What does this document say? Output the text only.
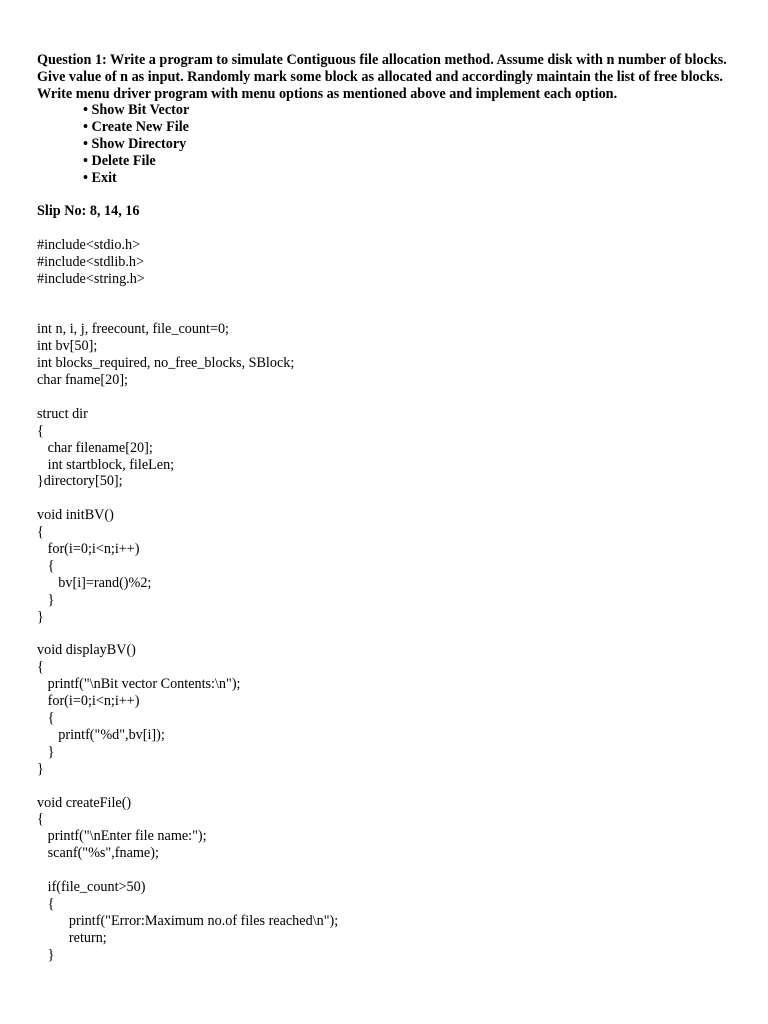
Question 1: Write a program to simulate Contiguous file allocation method. Assume disk with n number of blocks. Give value of n as input. Randomly mark some block as allocated and accordingly maintain the list of free blocks. Write menu driver program with menu options as mentioned above and implement each option.

• Show Bit Vector
• Create New File
• Show Directory
• Delete File
• Exit

Slip No: 8, 14, 16

#include<stdio.h>
#include<stdlib.h>
#include<string.h>
int n, i, j, freecount, file_count=0;
int bv[50];
int blocks_required, no_free_blocks, SBlock;
char fname[20];
struct dir
{
char filename[20];
int startblock, fileLen;
}directory[50];
void initBV()
{
for(i=0;i<n;i++)
{
bv[i]=rand()%2;
}
}
void displayBV()
{
printf("\nBit vector Contents:\n");
for(i=0;i<n;i++)
{
printf("%d",bv[i]);
}
}
void createFile()
{
printf("\nEnter file name:");
scanf("%s",fname);
if(file_count>50)
{
printf("Error:Maximum no.of files reached\n");
return;
}
